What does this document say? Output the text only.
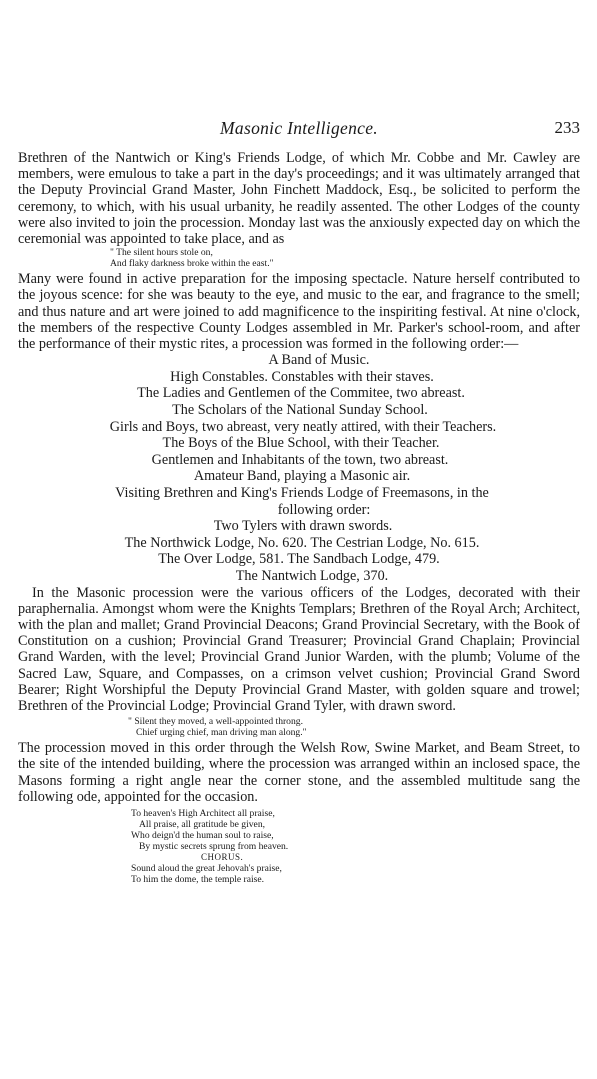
Masonic Intelligence.	233

Brethren of the Nantwich or King's Friends Lodge, of which Mr. Cobbe and Mr. Cawley are members, were emulous to take a part in the day's proceedings; and it was ultimately arranged that the Deputy Provincial Grand Master, John Finchett Maddock, Esq., be solicited to perform the ceremony, to which, with his usual urbanity, he readily assented. The other Lodges of the county were also invited to join the procession. Monday last was the anxiously expected day on which the ceremonial was appointed to take place, and as

" The silent hours stole on,
And flaky darkness broke within the east."

Many were found in active preparation for the imposing spectacle. Nature herself contributed to the joyous scence: for she was beauty to the eye, and music to the ear, and fragrance to the smell; and thus nature and art were joined to add magnificence to the inspiriting festival. At nine o'clock, the members of the respective County Lodges assembled in Mr. Parker's school-room, and after the performance of their mystic rites, a procession was formed in the following order:—

A Band of Music.
High Constables. Constables with their staves.
The Ladies and Gentlemen of the Commitee, two abreast.
The Scholars of the National Sunday School.
Girls and Boys, two abreast, very neatly attired, with their Teachers.
The Boys of the Blue School, with their Teacher.
Gentlemen and Inhabitants of the town, two abreast.
Amateur Band, playing a Masonic air.
Visiting Brethren and King's Friends Lodge of Freemasons, in the
following order:
Two Tylers with drawn swords.
The Northwick Lodge, No. 620. The Cestrian Lodge, No. 615.
The Over Lodge, 581. The Sandbach Lodge, 479.
The Nantwich Lodge, 370.

In the Masonic procession were the various officers of the Lodges, decorated with their paraphernalia. Amongst whom were the Knights Templars; Brethren of the Royal Arch; Architect, with the plan and mallet; Grand Provincial Deacons; Grand Provincial Secretary, with the Book of Constitution on a cushion; Provincial Grand Treasurer; Provincial Grand Chaplain; Provincial Grand Warden, with the level; Provincial Grand Junior Warden, with the plumb; Volume of the Sacred Law, Square, and Compasses, on a crimson velvet cushion; Provincial Grand Sword Bearer; Right Worshipful the Deputy Provincial Grand Master, with golden square and trowel; Brethren of the Provincial Lodge; Provincial Grand Tyler, with drawn sword.

" Silent they moved, a well-appointed throng.
Chief urging chief, man driving man along."

The procession moved in this order through the Welsh Row, Swine Market, and Beam Street, to the site of the intended building, where the procession was arranged within an inclosed space, the Masons forming a right angle near the corner stone, and the assembled multitude sang the following ode, appointed for the occasion.

To heaven's High Architect all praise,
All praise, all gratitude be given,
Who deign'd the human soul to raise,
By mystic secrets sprung from heaven.
CHORUS.
Sound aloud the great Jehovah's praise,
To him the dome, the temple raise.
